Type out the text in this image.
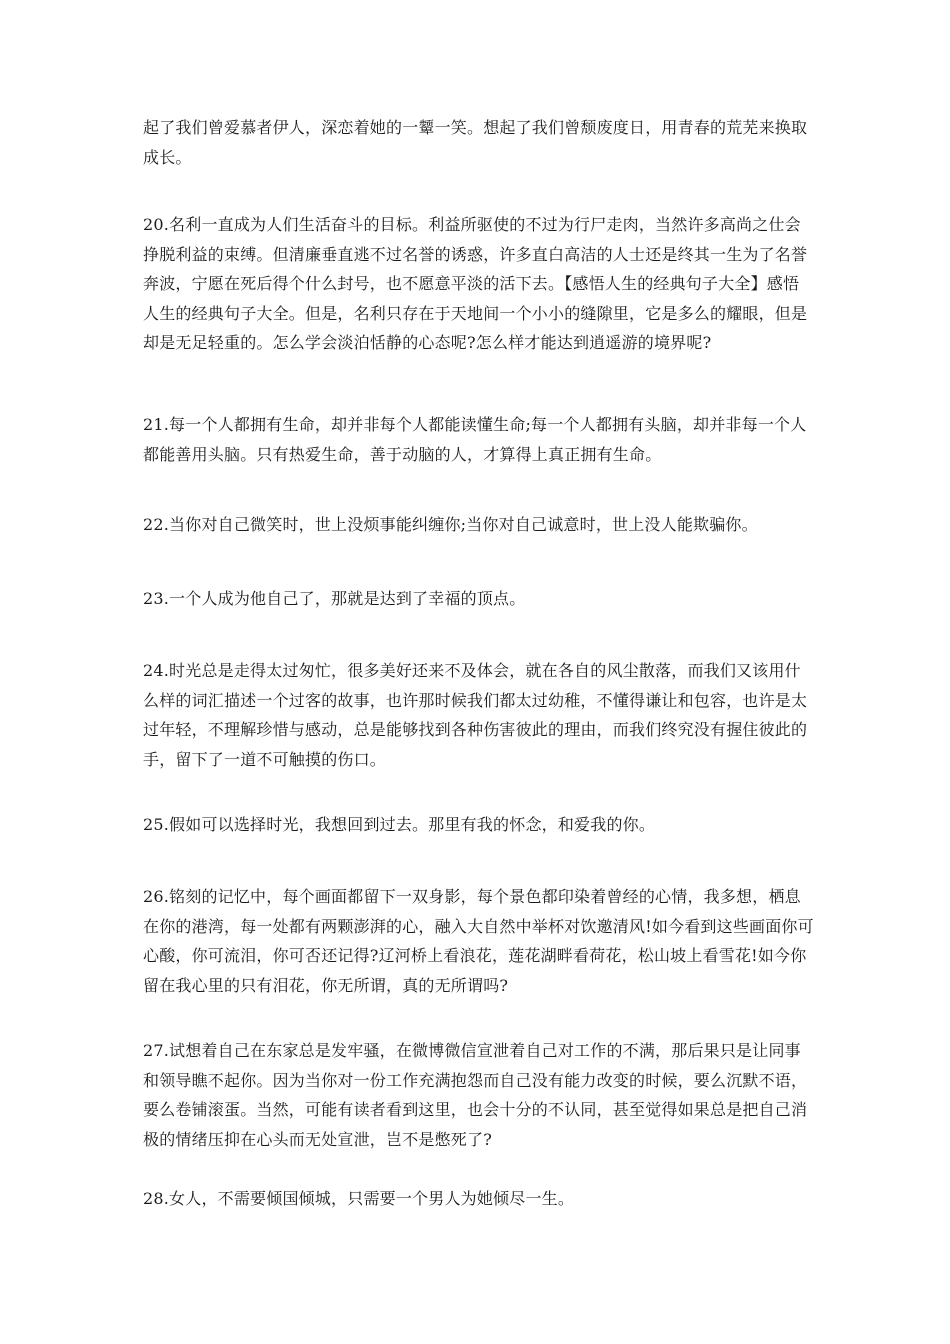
起了我们曾爱慕者伊人，深恋着她的一颦一笑。想起了我们曾颓废度日，用青春的荒芜来换取成长。

20.名利一直成为人们生活奋斗的目标。利益所驱使的不过为行尸走肉，当然许多高尚之仕会挣脱利益的束缚。但清廉垂直逃不过名誉的诱惑，许多直白高洁的人士还是终其一生为了名誉奔波，宁愿在死后得个什么封号，也不愿意平淡的活下去。【感悟人生的经典句子大全】感悟人生的经典句子大全。但是，名利只存在于天地间一个小小的缝隙里，它是多么的耀眼，但是却是无足轻重的。怎么学会淡泊恬静的心态呢?怎么样才能达到逍遥游的境界呢?

21.每一个人都拥有生命，却并非每个人都能读懂生命;每一个人都拥有头脑，却并非每一个人都能善用头脑。只有热爱生命，善于动脑的人，才算得上真正拥有生命。

22.当你对自己微笑时，世上没烦事能纠缠你;当你对自己诚意时，世上没人能欺骗你。

23.一个人成为他自己了，那就是达到了幸福的顶点。

24.时光总是走得太过匆忙，很多美好还来不及体会，就在各自的风尘散落，而我们又该用什么样的词汇描述一个过客的故事，也许那时候我们都太过幼稚，不懂得谦让和包容，也许是太过年轻，不理解珍惜与感动，总是能够找到各种伤害彼此的理由，而我们终究没有握住彼此的手，留下了一道不可触摸的伤口。

25.假如可以选择时光，我想回到过去。那里有我的怀念，和爱我的你。

26.铭刻的记忆中，每个画面都留下一双身影，每个景色都印染着曾经的心情，我多想，栖息在你的港湾，每一处都有两颗澎湃的心，融入大自然中举杯对饮邀清风!如今看到这些画面你可心酸，你可流泪，你可否还记得?辽河桥上看浪花，莲花湖畔看荷花，松山坡上看雪花!如今你留在我心里的只有泪花，你无所谓，真的无所谓吗?

27.试想着自己在东家总是发牢骚，在微博微信宣泄着自己对工作的不满，那后果只是让同事和领导瞧不起你。因为当你对一份工作充满抱怨而自己没有能力改变的时候，要么沉默不语，要么卷铺滚蛋。当然，可能有读者看到这里，也会十分的不认同，甚至觉得如果总是把自己消极的情绪压抑在心头而无处宣泄，岂不是憋死了?

28.女人，不需要倾国倾城，只需要一个男人为她倾尽一生。
